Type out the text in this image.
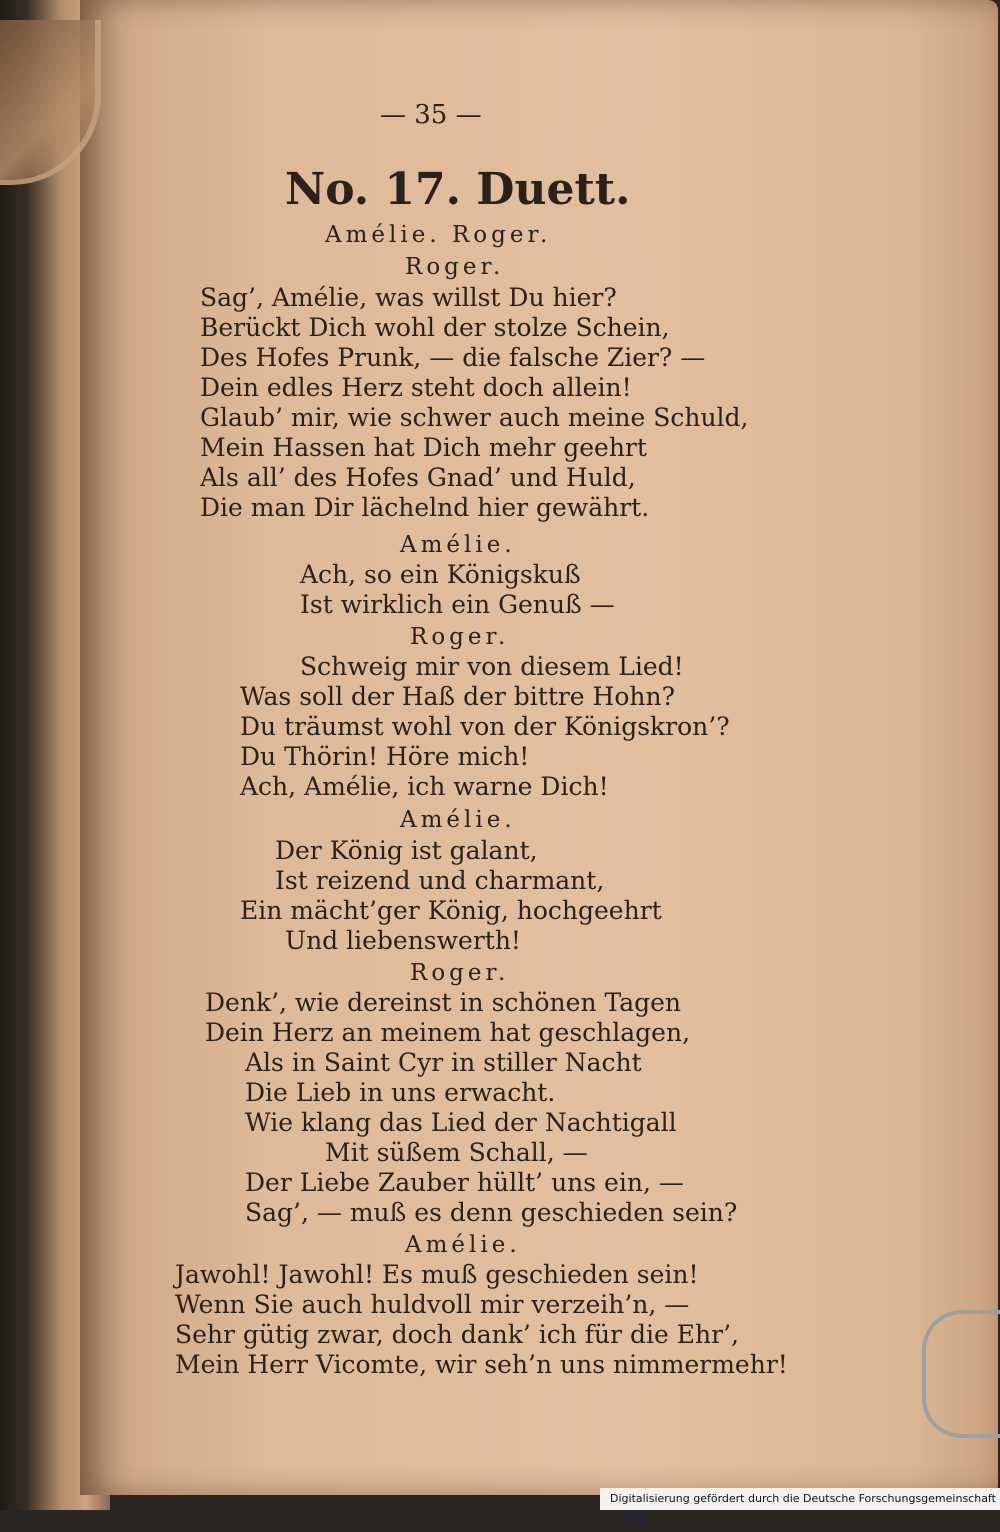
— 35 —
No. 17. Duett.
Amélie. Roger.
Roger.
Sag’, Amélie, was willst Du hier?
Berückt Dich wohl der stolze Schein,
Des Hofes Prunk, — die falsche Zier? —
Dein edles Herz steht doch allein!
Glaub’ mir, wie schwer auch meine Schuld,
Mein Hassen hat Dich mehr geehrt
Als all’ des Hofes Gnad’ und Huld,
Die man Dir lächelnd hier gewährt.
Amélie.
Ach, so ein Königskuß
Ist wirklich ein Genuß —
Roger.
Schweig mir von diesem Lied!
Was soll der Haß der bittre Hohn?
Du träumst wohl von der Königskron’?
Du Thörin! Höre mich!
Ach, Amélie, ich warne Dich!
Amélie.
Der König ist galant,
Ist reizend und charmant,
Ein mächt’ger König, hochgeehrt
Und liebenswerth!
Roger.
Denk’, wie dereinst in schönen Tagen
Dein Herz an meinem hat geschlagen,
Als in Saint Cyr in stiller Nacht
Die Lieb in uns erwacht.
Wie klang das Lied der Nachtigall
Mit süßem Schall, —
Der Liebe Zauber hüllt’ uns ein, —
Sag’, — muß es denn geschieden sein?
Amélie.
Jawohl! Jawohl! Es muß geschieden sein!
Wenn Sie auch huldvoll mir verzeih’n, —
Sehr gütig zwar, doch dank’ ich für die Ehr’,
Mein Herr Vicomte, wir seh’n uns nimmermehr!
Digitalisierung gefördert durch die Deutsche Forschungsgemeinschaft · DFG
